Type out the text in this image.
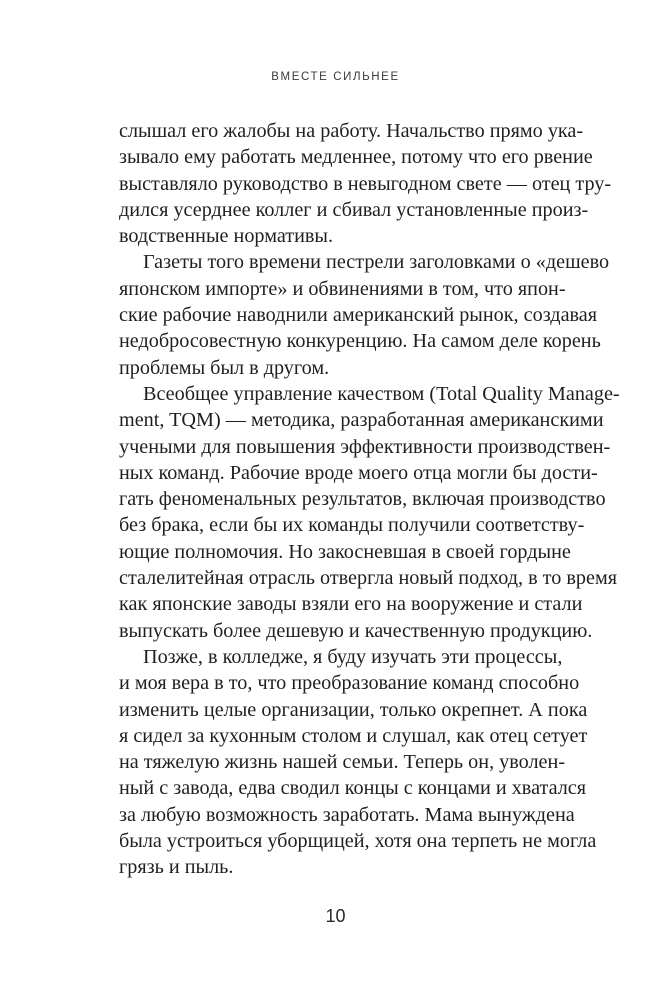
ВМЕСТЕ СИЛЬНЕЕ
слышал его жалобы на работу. Начальство прямо ука-
зывало ему работать медленнее, потому что его рвение
выставляло руководство в невыгодном свете — отец тру-
дился усерднее коллег и сбивал установленные произ-
водственные нормативы.
Газеты того времени пестрели заголовками о «дешево
японском импорте» и обвинениями в том, что япон-
ские рабочие наводнили американский рынок, создавая
недобросовестную конкуренцию. На самом деле корень
проблемы был в другом.
Всеобщее управление качеством (Total Quality Manage-
ment, TQM) — методика, разработанная американскими
учеными для повышения эффективности производствен-
ных команд. Рабочие вроде моего отца могли бы дости-
гать феноменальных результатов, включая производство
без брака, если бы их команды получили соответству-
ющие полномочия. Но закосневшая в своей гордыне
сталелитейная отрасль отвергла новый подход, в то время
как японские заводы взяли его на вооружение и стали
выпускать более дешевую и качественную продукцию.
Позже, в колледже, я буду изучать эти процессы,
и моя вера в то, что преобразование команд способно
изменить целые организации, только окрепнет. А пока
я сидел за кухонным столом и слушал, как отец сетует
на тяжелую жизнь нашей семьи. Теперь он, уволен-
ный с завода, едва сводил концы с концами и хватался
за любую возможность заработать. Мама вынуждена
была устроиться уборщицей, хотя она терпеть не могла
грязь и пыль.
10
